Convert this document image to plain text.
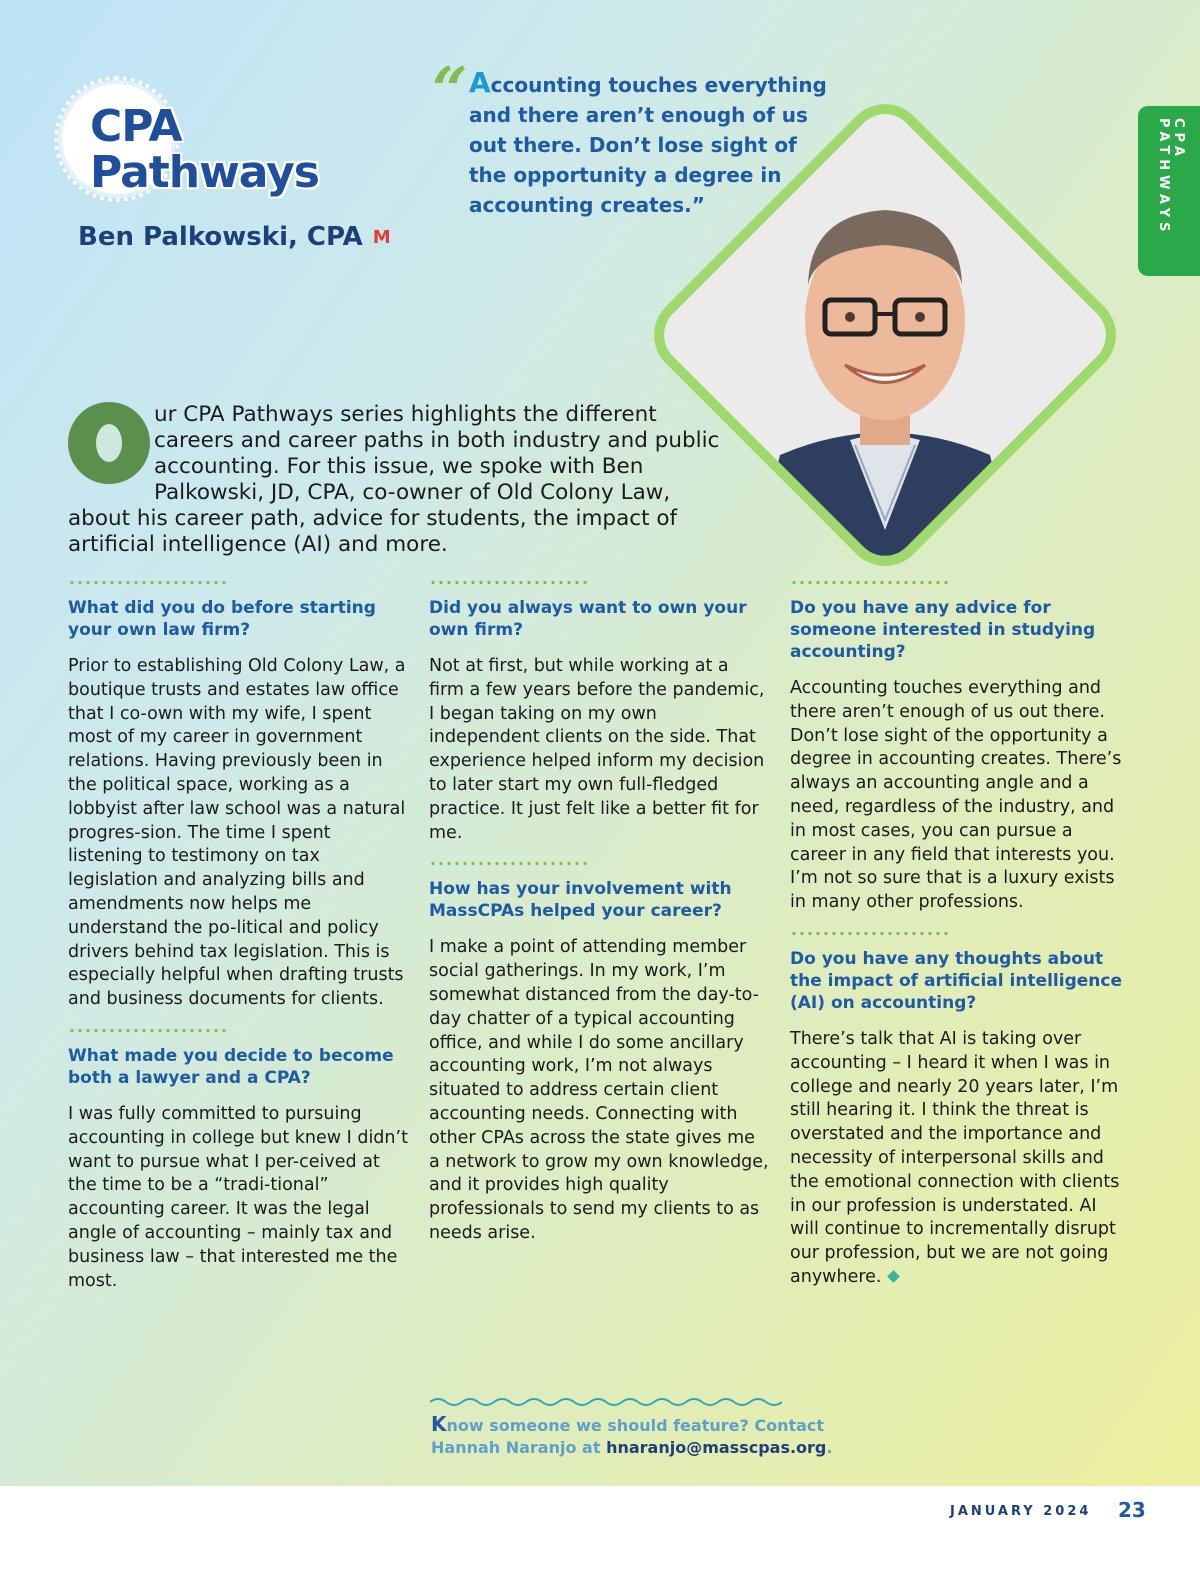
CPA
Pathways
Ben Palkowski, CPA M
“ Accounting touches everything and there aren’t enough of us out there. Don’t lose sight of the opportunity a degree in accounting creates.”
CPA PATHWAYS
ur CPA Pathways series highlights the different careers and career paths in both industry and public accounting. For this issue, we spoke with Ben Palkowski, JD, CPA, co-owner of Old Colony Law, about his career path, advice for students, the impact of artificial intelligence (AI) and more.
What did you do before starting your own law firm?
Prior to establishing Old Colony Law, a boutique trusts and estates law office that I co-own with my wife, I spent most of my career in government relations. Having previously been in the political space, working as a lobbyist after law school was a natural progres-sion. The time I spent listening to testimony on tax legislation and analyzing bills and amendments now helps me understand the po-litical and policy drivers behind tax legislation. This is especially helpful when drafting trusts and business documents for clients.
What made you decide to become both a lawyer and a CPA?
I was fully committed to pursuing accounting in college but knew I didn’t want to pursue what I per-ceived at the time to be a “tradi-tional” accounting career. It was the legal angle of accounting – mainly tax and business law – that interested me the most.
Did you always want to own your own firm?
Not at first, but while working at a firm a few years before the pandemic, I began taking on my own independent clients on the side. That experience helped inform my decision to later start my own full-fledged practice. It just felt like a better fit for me.
How has your involvement with MassCPAs helped your career?
I make a point of attending member social gatherings. In my work, I’m somewhat distanced from the day-to-day chatter of a typical accounting office, and while I do some ancillary accounting work, I’m not always situated to address certain client accounting needs. Connecting with other CPAs across the state gives me a network to grow my own knowledge, and it provides high quality professionals to send my clients to as needs arise.
Do you have any advice for someone interested in studying accounting?
Accounting touches everything and there aren’t enough of us out there. Don’t lose sight of the opportunity a degree in accounting creates. There’s always an accounting angle and a need, regardless of the industry, and in most cases, you can pursue a career in any field that interests you. I’m not so sure that is a luxury exists in many other professions.
Do you have any thoughts about the impact of artificial intelligence (AI) on accounting?
There’s talk that AI is taking over accounting – I heard it when I was in college and nearly 20 years later, I’m still hearing it. I think the threat is overstated and the importance and necessity of interpersonal skills and the emotional connection with clients in our profession is understated. AI will continue to incrementally disrupt our profession, but we are not going anywhere.
Know someone we should feature? Contact Hannah Naranjo at hnaranjo@masscpas.org.
JANUARY 2024 23
